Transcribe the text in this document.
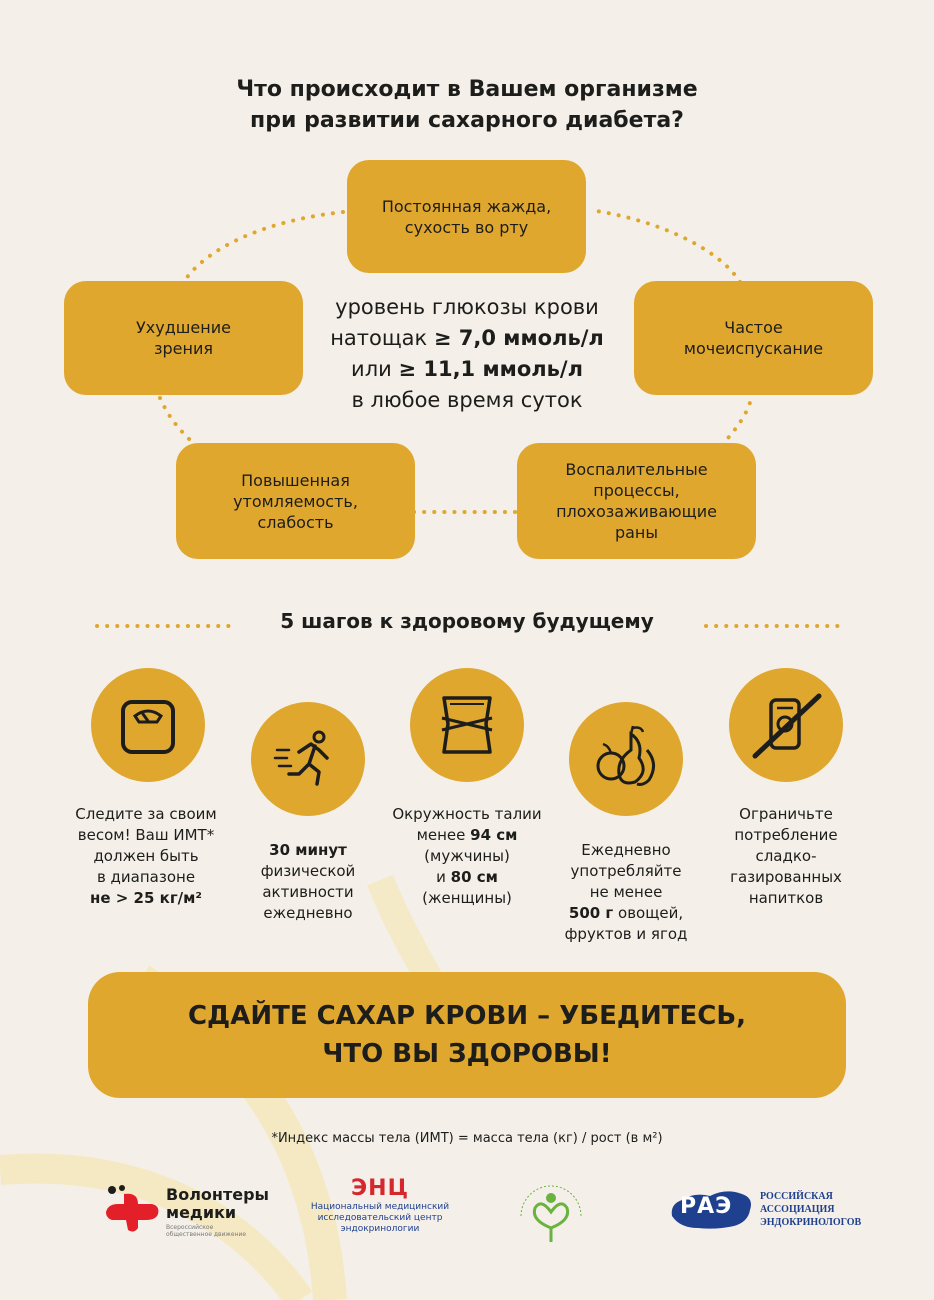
Что происходит в Вашем организме
при развитии сахарного диабета?
Постоянная жажда,
сухость во рту
Ухудшение
зрения
Частое
мочеиспускание
Повышенная
утомляемость,
слабость
Воспалительные
процессы,
плохозаживающие
раны
уровень глюкозы крови
натощак ≥ 7,0 ммоль/л
или ≥ 11,1 ммоль/л
в любое время суток
5 шагов к здоровому будущему
Следите за своим
весом! Ваш ИМТ*
должен быть
в диапазоне
не > 25 кг/м²
30 минут
физической
активности
ежедневно
Окружность талии
менее 94 см
(мужчины)
и 80 см
(женщины)
Ежедневно
употребляйте
не менее
500 г овощей,
фруктов и ягод
Ограничьте
потребление
сладко-
газированных
напитков
СДАЙТЕ САХАР КРОВИ – УБЕДИТЕСЬ,
ЧТО ВЫ ЗДОРОВЫ!
*Индекс массы тела (ИМТ) = масса тела (кг) / рост (в м²)
Волонтеры
медики
Всероссийское
общественное движение
ЭНЦ
Национальный медицинский
исследовательский центр
эндокринологии
РАЭ	РОССИЙСКАЯ
АССОЦИАЦИЯ
ЭНДОКРИНОЛОГОВ
